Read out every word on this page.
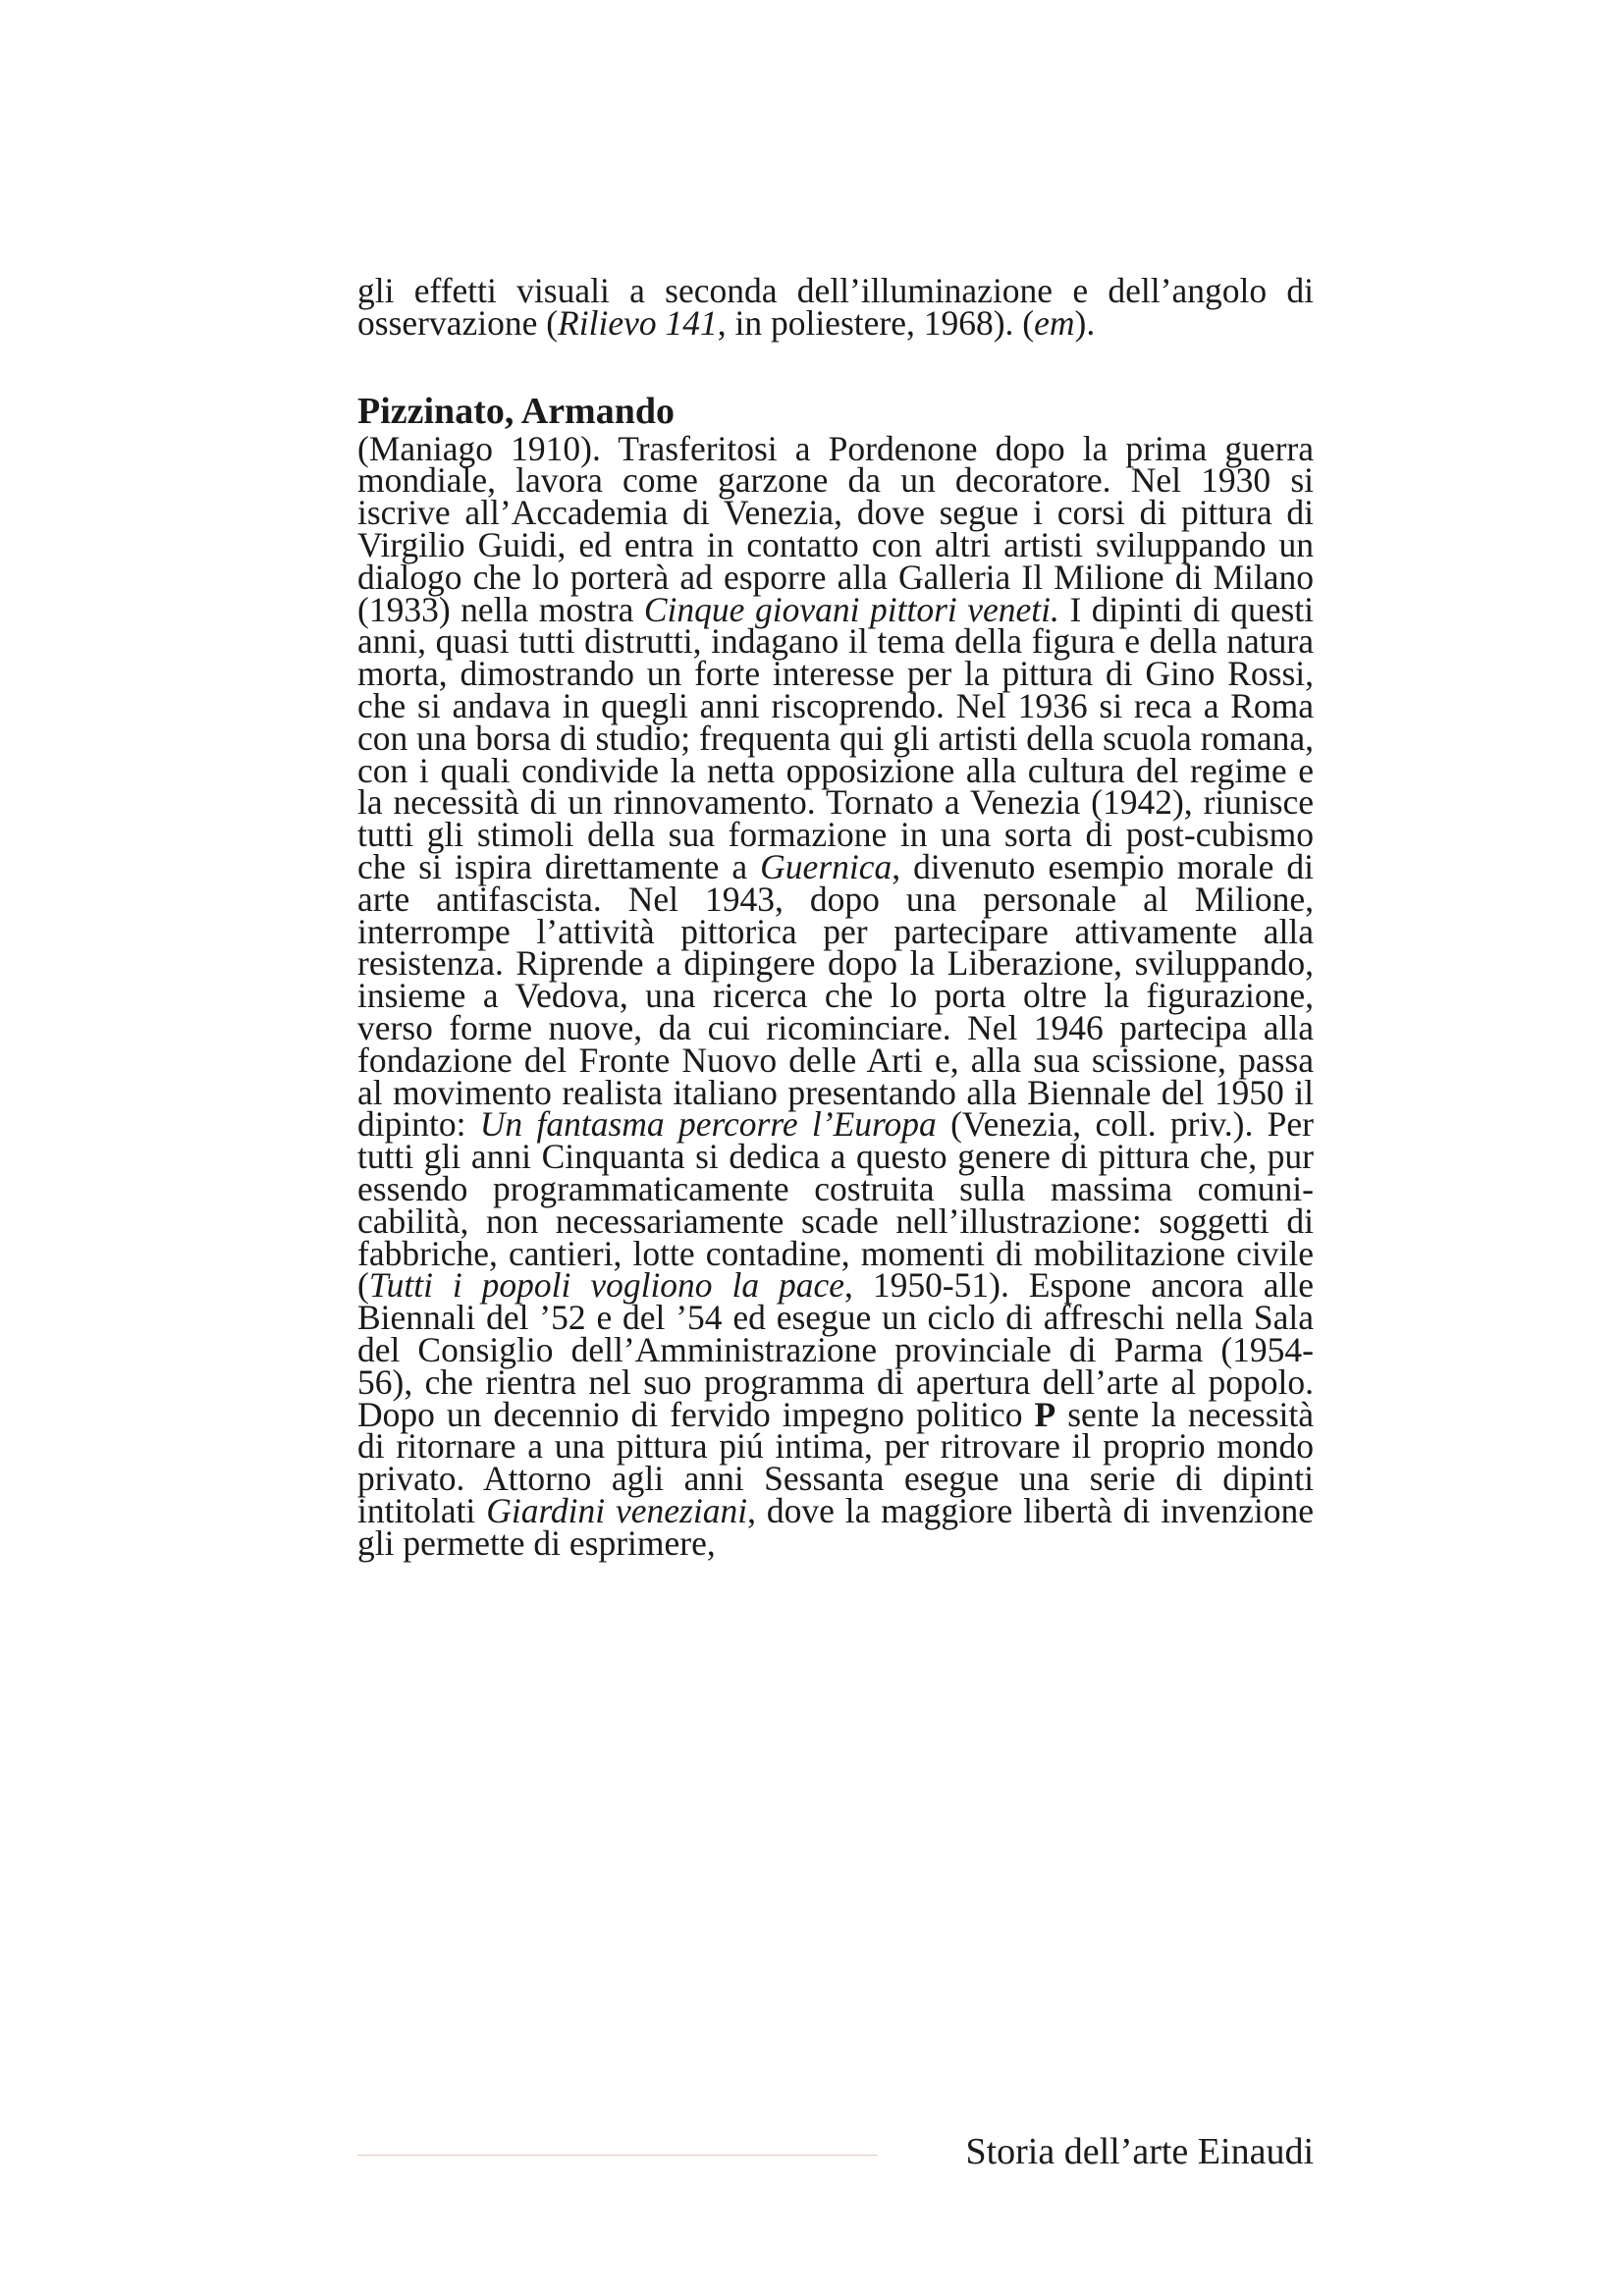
gli effetti visuali a seconda dell’illuminazione e dell’angolo di osservazione (Rilievo 141, in poliestere, 1968). (em).

Pizzinato, Armando

(Maniago 1910). Trasferitosi a Pordenone dopo la prima guerra mondiale, lavora come garzone da un decoratore. Nel 1930 si iscrive all’Accademia di Venezia, dove segue i corsi di pittura di Virgilio Guidi, ed entra in contatto con altri artisti sviluppando un dialogo che lo porterà ad esporre alla Galleria Il Milione di Milano (1933) nella mostra Cinque giovani pittori veneti. I dipinti di questi anni, quasi tutti distrutti, indagano il tema della figura e della natura morta, dimostrando un forte interesse per la pittura di Gino Rossi, che si andava in quegli anni riscoprendo. Nel 1936 si reca a Roma con una borsa di studio; frequenta qui gli artisti della scuola romana, con i quali condivide la netta opposizione alla cultura del regime e la necessità di un rinnovamento. Tornato a Venezia (1942), riunisce tutti gli stimoli della sua formazione in una sorta di post-cubismo che si ispira direttamente a Guernica, divenuto esempio morale di arte antifascista. Nel 1943, dopo una personale al Milione, interrompe l’attività pittorica per partecipare attivamente alla resistenza. Riprende a dipingere dopo la Liberazione, sviluppando, insieme a Vedova, una ricerca che lo porta oltre la figurazione, verso forme nuove, da cui ricominciare. Nel 1946 partecipa alla fondazione del Fronte Nuovo delle Arti e, alla sua scissione, passa al movimento realista italiano presentando alla Biennale del 1950 il dipinto: Un fantasma percorre l’Europa (Venezia, coll. priv.). Per tutti gli anni Cinquanta si dedica a questo genere di pittura che, pur essendo programmaticamente costruita sulla massima comunicabilità, non necessariamente scade nell’illustrazione: soggetti di fabbriche, cantieri, lotte contadine, momenti di mobilitazione civile (Tutti i popoli vogliono la pace, 1950-51). Espone ancora alle Biennali del ’52 e del ’54 ed esegue un ciclo di affreschi nella Sala del Consiglio dell’Amministrazione provinciale di Parma (1954-56), che rientra nel suo programma di apertura dell’arte al popolo. Dopo un decennio di fervido impegno politico P sente la necessità di ritornare a una pittura piú intima, per ritrovare il proprio mondo privato. Attorno agli anni Sessanta esegue una serie di dipinti intitolati Giardini veneziani, dove la maggiore libertà di invenzione gli permette di esprimere,

Storia dell’arte Einaudi
